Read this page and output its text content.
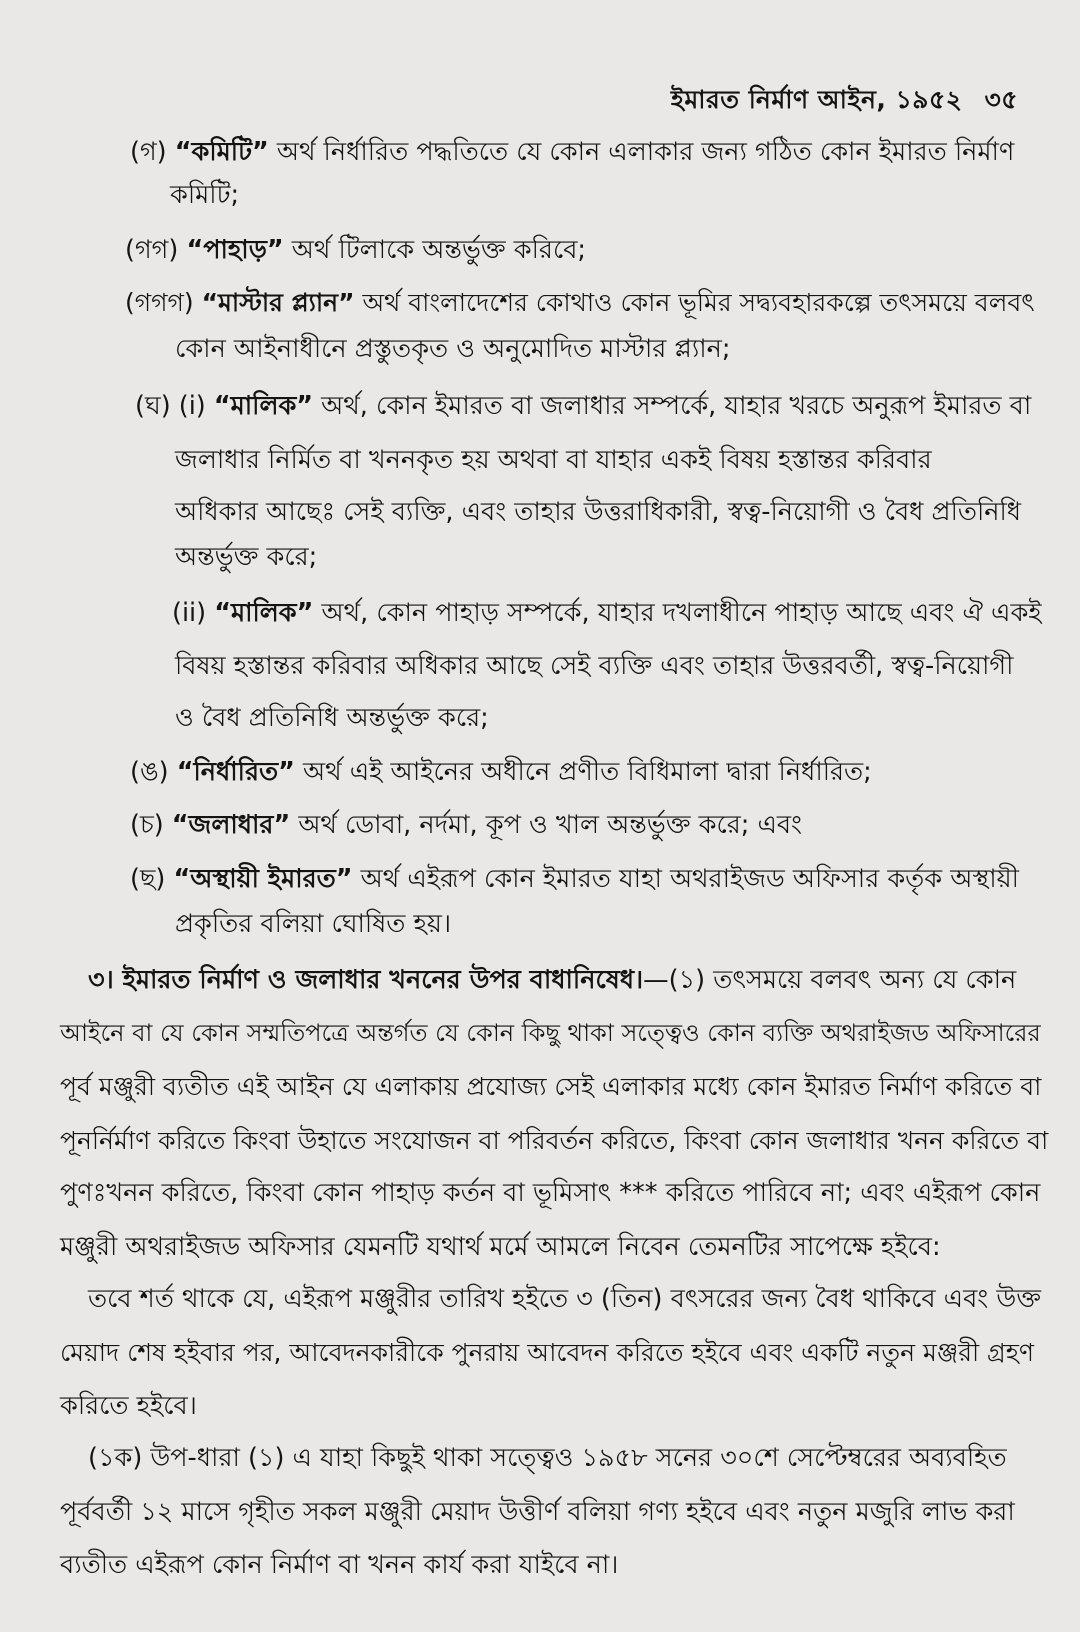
ইমারত নির্মাণ আইন, ১৯৫২ ৩৫
(গ) “কমিটি” অর্থ নির্ধারিত পদ্ধতিতে যে কোন এলাকার জন্য গঠিত কোন ইমারত নির্মাণ
কমিটি;
(গগ) “পাহাড়” অর্থ টিলাকে অন্তর্ভুক্ত করিবে;
(গগগ) “মাস্টার প্ল্যান” অর্থ বাংলাদেশের কোথাও কোন ভূমির সদ্ব্যবহারকল্পে তৎসময়ে বলবৎ
কোন আইনাধীনে প্রস্তুতকৃত ও অনুমোদিত মাস্টার প্ল্যান;
(ঘ) (i) “মালিক” অর্থ, কোন ইমারত বা জলাধার সম্পর্কে, যাহার খরচে অনুরূপ ইমারত বা
জলাধার নির্মিত বা খননকৃত হয় অথবা বা যাহার একই বিষয় হস্তান্তর করিবার
অধিকার আছেঃ সেই ব্যক্তি, এবং তাহার উত্তরাধিকারী, স্বত্ব-নিয়োগী ও বৈধ প্রতিনিধি
অন্তর্ভুক্ত করে;
(ii) “মালিক” অর্থ, কোন পাহাড় সম্পর্কে, যাহার দখলাধীনে পাহাড় আছে এবং ঐ একই
বিষয় হস্তান্তর করিবার অধিকার আছে সেই ব্যক্তি এবং তাহার উত্তরবর্তী, স্বত্ব-নিয়োগী
ও বৈধ প্রতিনিধি অন্তর্ভুক্ত করে;
(ঙ) “নির্ধারিত” অর্থ এই আইনের অধীনে প্রণীত বিধিমালা দ্বারা নির্ধারিত;
(চ) “জলাধার” অর্থ ডোবা, নর্দমা, কূপ ও খাল অন্তর্ভুক্ত করে; এবং
(ছ) “অস্থায়ী ইমারত” অর্থ এইরূপ কোন ইমারত যাহা অথরাইজড অফিসার কর্তৃক অস্থায়ী
প্রকৃতির বলিয়া ঘোষিত হয়।
৩। ইমারত নির্মাণ ও জলাধার খননের উপর বাধানিষেধ।—(১) তৎসময়ে বলবৎ অন্য যে কোন
আইনে বা যে কোন সম্মতিপত্রে অন্তর্গত যে কোন কিছু থাকা সত্ত্বেও কোন ব্যক্তি অথরাইজড অফিসারের
পূর্ব মঞ্জুরী ব্যতীত এই আইন যে এলাকায় প্রযোজ্য সেই এলাকার মধ্যে কোন ইমারত নির্মাণ করিতে বা
পূনর্নির্মাণ করিতে কিংবা উহাতে সংযোজন বা পরিবর্তন করিতে, কিংবা কোন জলাধার খনন করিতে বা
পুণঃখনন করিতে, কিংবা কোন পাহাড় কর্তন বা ভূমিসাৎ *** করিতে পারিবে না; এবং এইরূপ কোন
মঞ্জুরী অথরাইজড অফিসার যেমনটি যথার্থ মর্মে আমলে নিবেন তেমনটির সাপেক্ষে হইবে:
তবে শর্ত থাকে যে, এইরূপ মঞ্জুরীর তারিখ হইতে ৩ (তিন) বৎসরের জন্য বৈধ থাকিবে এবং উক্ত
মেয়াদ শেষ হইবার পর, আবেদনকারীকে পুনরায় আবেদন করিতে হইবে এবং একটি নতুন মঞ্জরী গ্রহণ
করিতে হইবে।
(১ক) উপ-ধারা (১) এ যাহা কিছুই থাকা সত্ত্বেও ১৯৫৮ সনের ৩০শে সেপ্টেম্বরের অব্যবহিত
পূর্ববর্তী ১২ মাসে গৃহীত সকল মঞ্জুরী মেয়াদ উত্তীর্ণ বলিয়া গণ্য হইবে এবং নতুন মজুরি লাভ করা
ব্যতীত এইরূপ কোন নির্মাণ বা খনন কার্য করা যাইবে না।
